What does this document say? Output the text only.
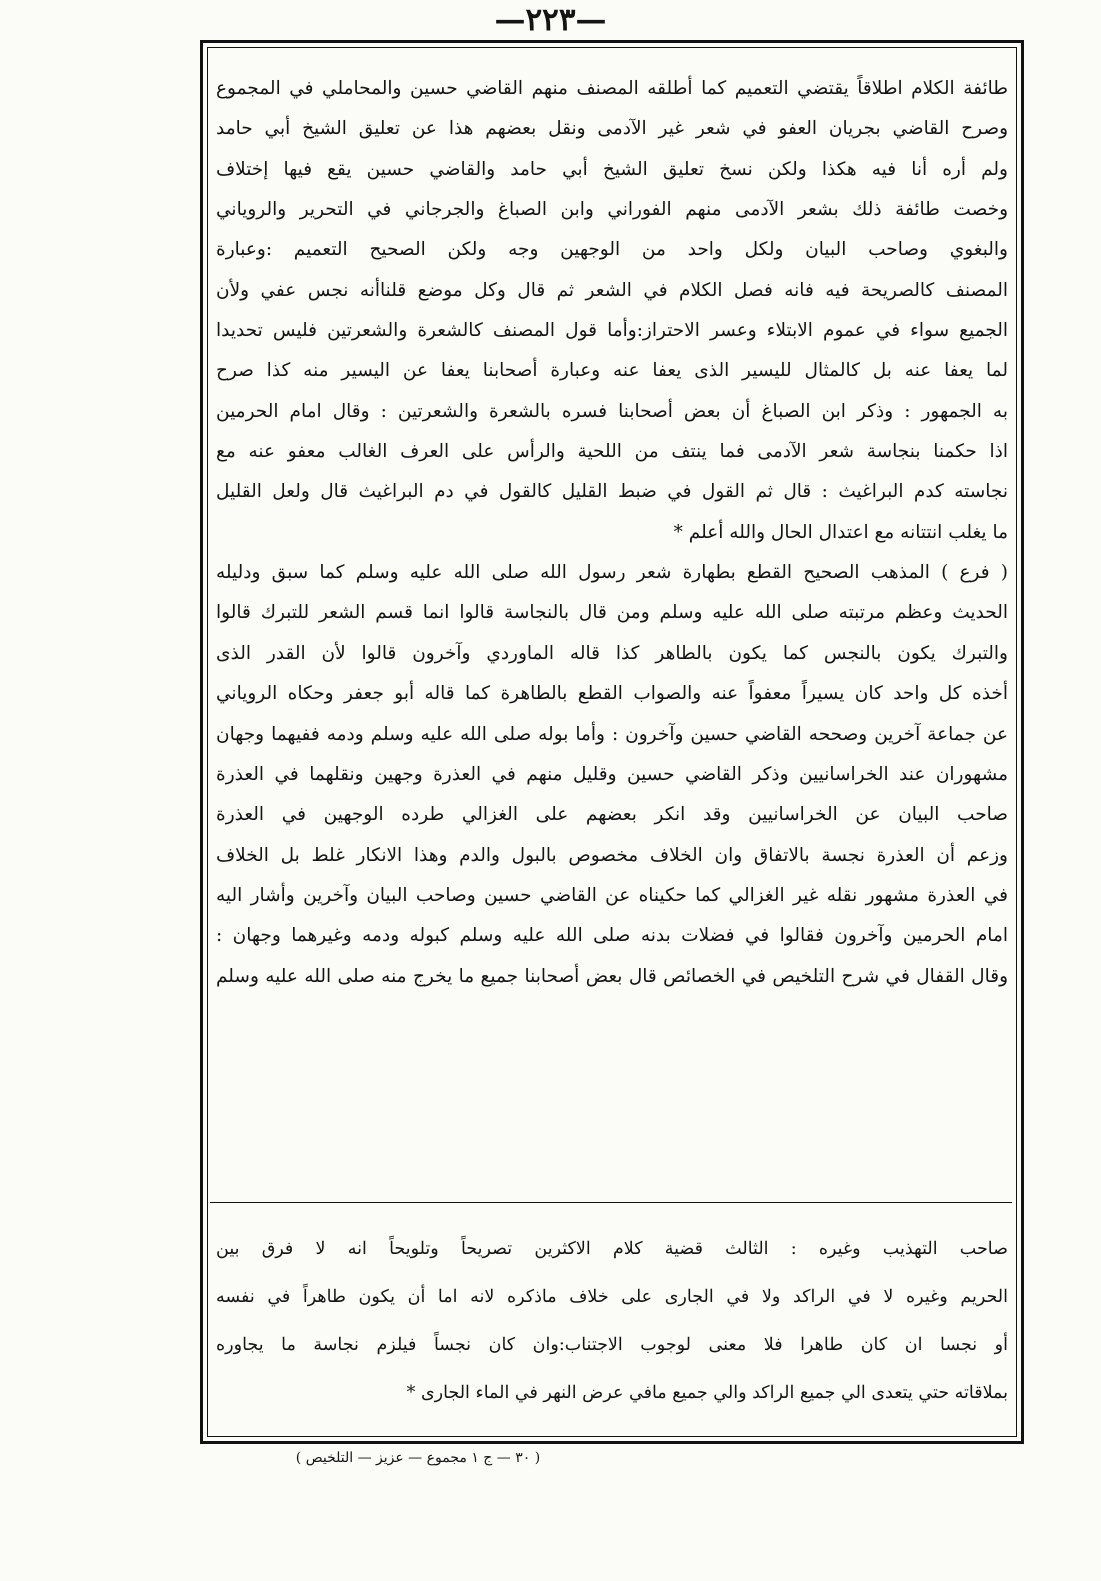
—٢٢٣—
طائفة الكلام اطلاقاً يقتضي التعميم كما أطلقه المصنف منهم القاضي حسين والمحاملي في المجموع
وصرح القاضي بجريان العفو في شعر غير الآدمى ونقل بعضهم هذا عن تعليق الشيخ أبي حامد
ولم أره أنا فيه هكذا ولكن نسخ تعليق الشيخ أبي حامد والقاضي حسين يقع فيها إختلاف
وخصت طائفة ذلك بشعر الآدمى منهم الفوراني وابن الصباغ والجرجاني في التحرير والروياني
والبغوي وصاحب البيان ولكل واحد من الوجهين وجه ولكن الصحيح التعميم :وعبارة
المصنف كالصريحة فيه فانه فصل الكلام في الشعر ثم قال وكل موضع قلناأنه نجس عفي ولأن
الجميع سواء في عموم الابتلاء وعسر الاحتراز:وأما قول المصنف كالشعرة والشعرتين فليس تحديدا
لما يعفا عنه بل كالمثال لليسير الذى يعفا عنه وعبارة أصحابنا يعفا عن اليسير منه كذا صرح
به الجمهور : وذكر ابن الصباغ أن بعض أصحابنا فسره بالشعرة والشعرتين : وقال امام الحرمين
اذا حكمنا بنجاسة شعر الآدمى فما ينتف من اللحية والرأس على العرف الغالب معفو عنه مع
نجاسته كدم البراغيث : قال ثم القول في ضبط القليل كالقول في دم البراغيث قال ولعل القليل
ما يغلب انتتانه مع اعتدال الحال والله أعلم *
( فرع ) المذهب الصحيح القطع بطهارة شعر رسول الله صلى الله عليه وسلم كما سبق ودليله
الحديث وعظم مرتبته صلى الله عليه وسلم ومن قال بالنجاسة قالوا انما قسم الشعر للتبرك قالوا
والتبرك يكون بالنجس كما يكون بالطاهر كذا قاله الماوردي وآخرون قالوا لأن القدر الذى
أخذه كل واحد كان يسيراً معفواً عنه والصواب القطع بالطاهرة كما قاله أبو جعفر وحكاه الروياني
عن جماعة آخرين وصححه القاضي حسين وآخرون : وأما بوله صلى الله عليه وسلم ودمه ففيهما وجهان
مشهوران عند الخراسانيين وذكر القاضي حسين وقليل منهم في العذرة وجهين ونقلهما في العذرة
صاحب البيان عن الخراسانيين وقد انكر بعضهم على الغزالي طرده الوجهين في العذرة
وزعم أن العذرة نجسة بالاتفاق وان الخلاف مخصوص بالبول والدم وهذا الانكار غلط بل الخلاف
في العذرة مشهور نقله غير الغزالي كما حكيناه عن القاضي حسين وصاحب البيان وآخرين وأشار اليه
امام الحرمين وآخرون فقالوا في فضلات بدنه صلى الله عليه وسلم كبوله ودمه وغيرهما وجهان :
وقال القفال في شرح التلخيص في الخصائص قال بعض أصحابنا جميع ما يخرج منه صلى الله عليه وسلم
صاحب التهذيب وغيره : الثالث قضية كلام الاكثرين تصريحاً وتلويحاً انه لا فرق بين
الحريم وغيره لا في الراكد ولا في الجارى على خلاف ماذكره لانه اما أن يكون طاهراً في نفسه
أو نجسا ان كان طاهرا فلا معنى لوجوب الاجتناب:وان كان نجساً فيلزم نجاسة ما يجاوره
بملاقاته حتي يتعدى الي جميع الراكد والي جميع مافي عرض النهر في الماء الجارى *
( ٣٠ — ج ١ مجموع — عزيز — التلخيص )
